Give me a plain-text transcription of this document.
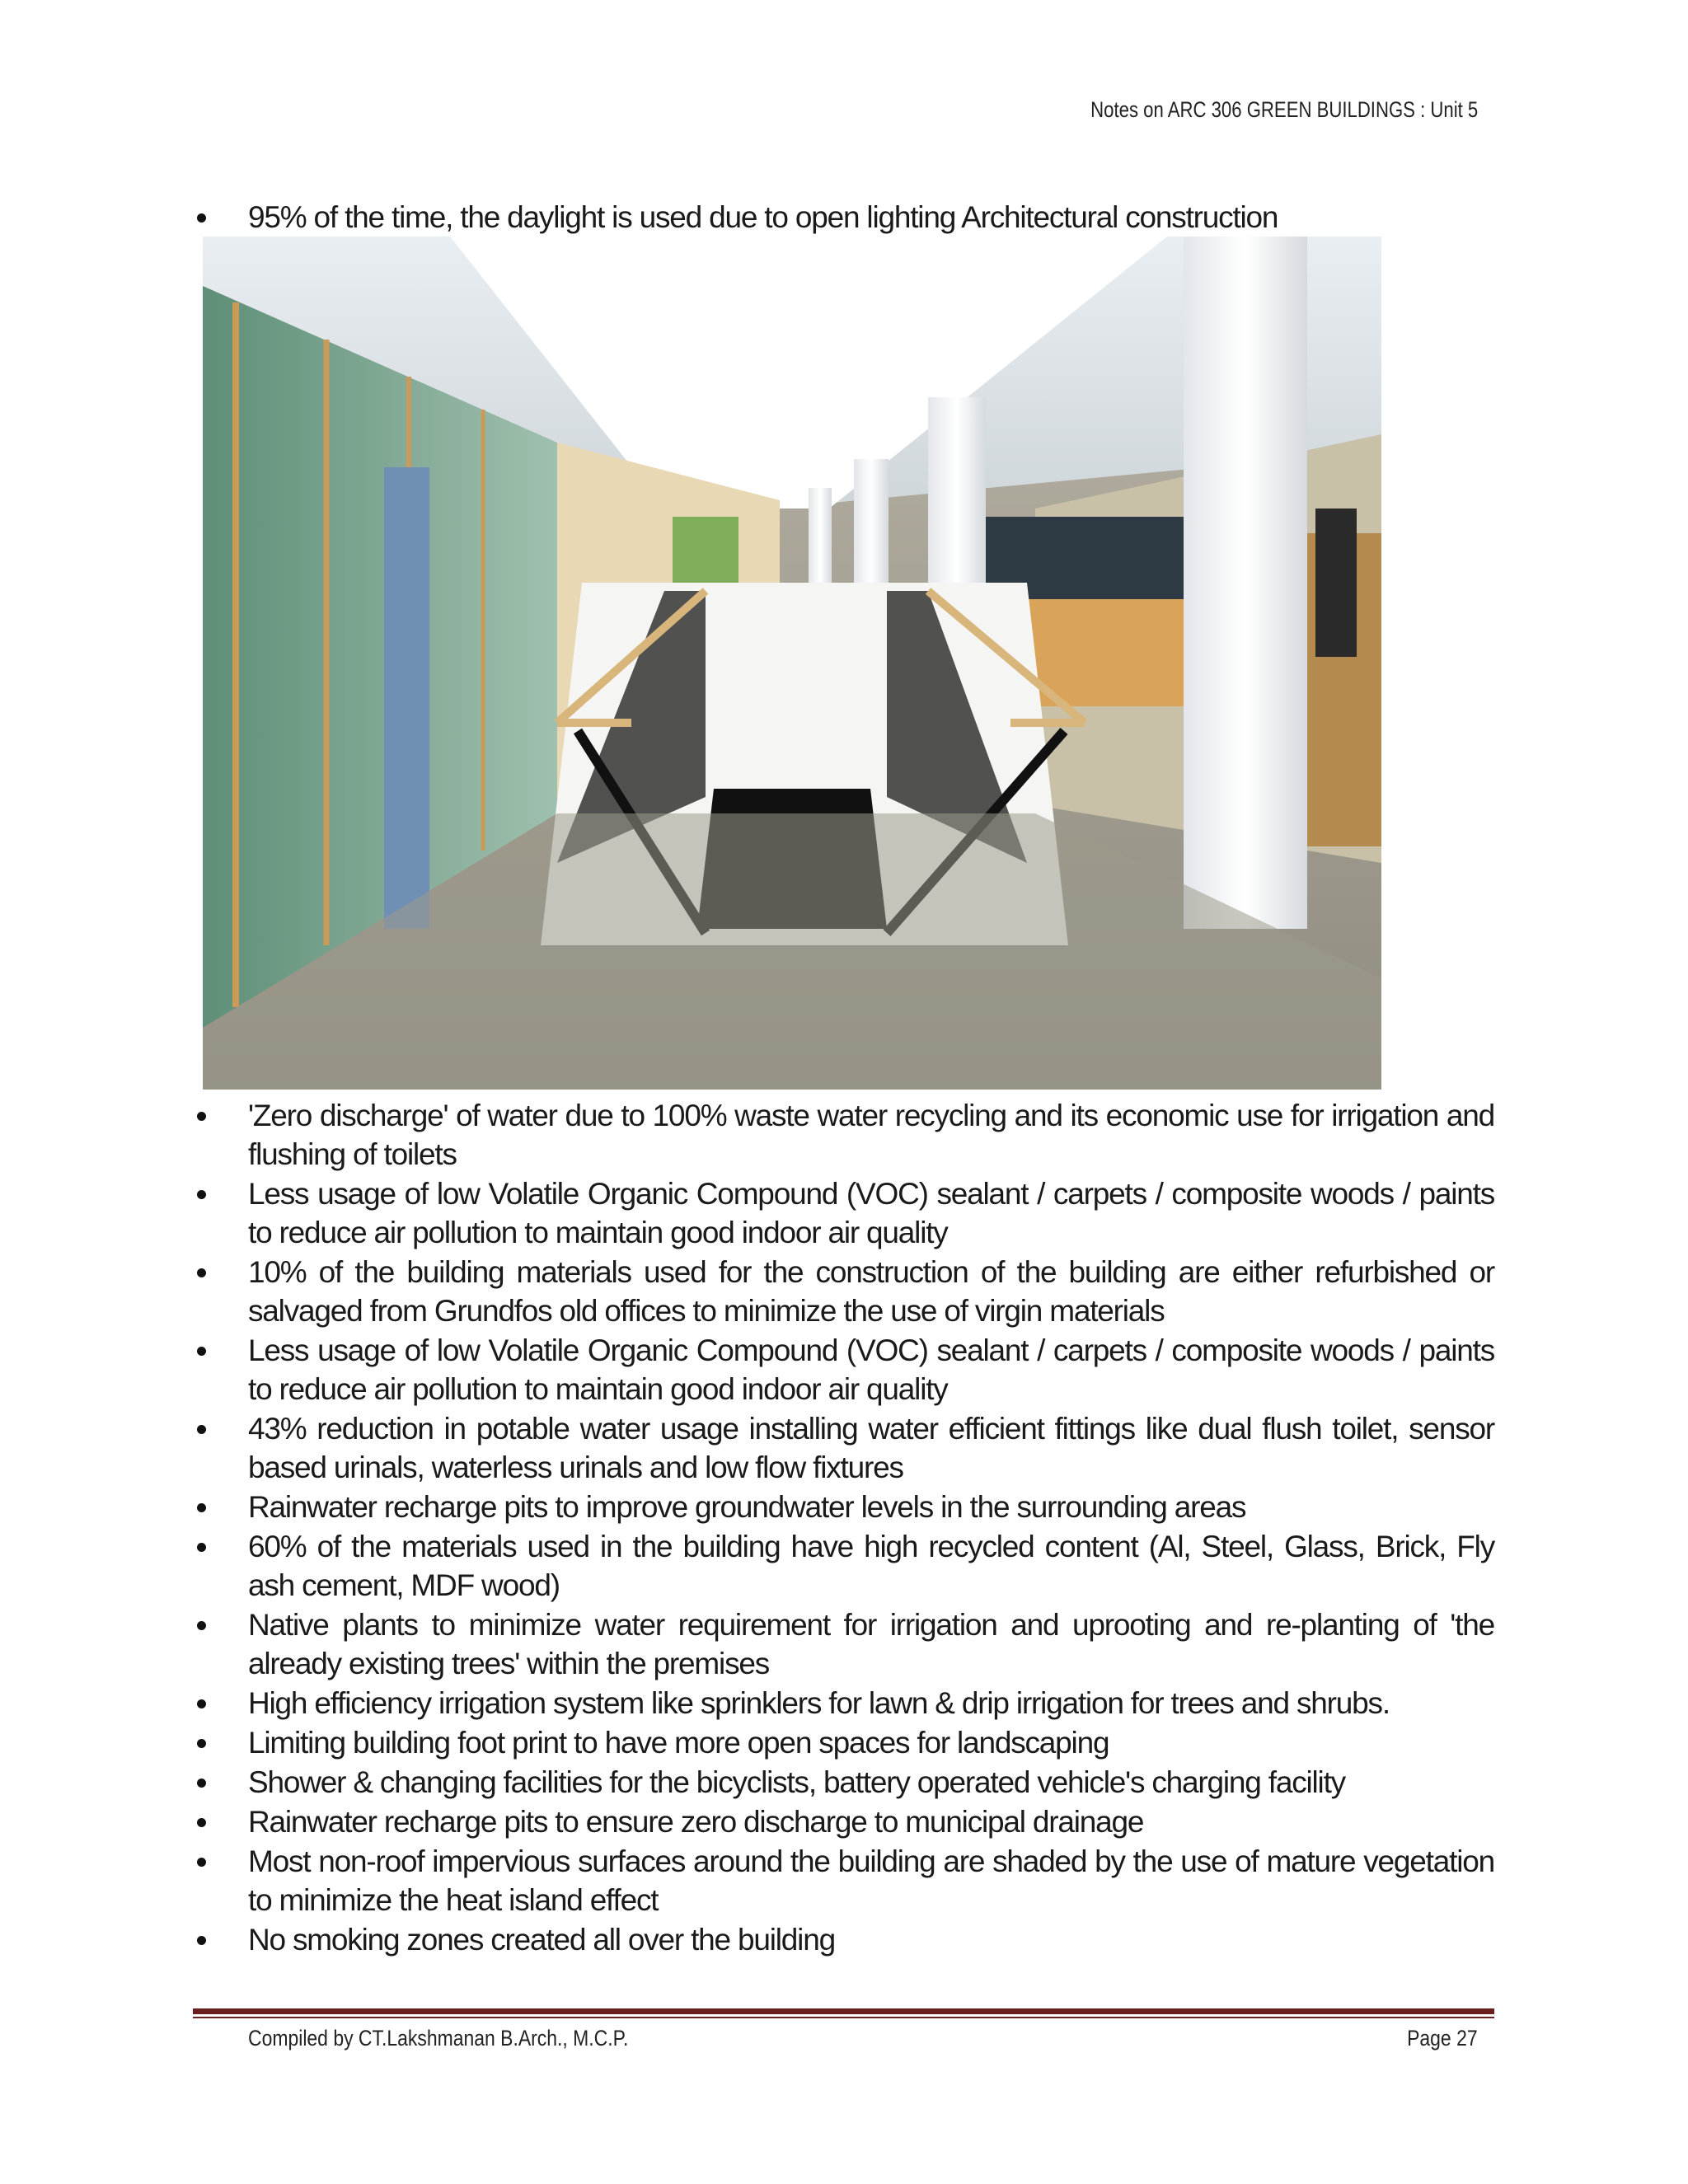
Notes on ARC 306 GREEN BUILDINGS : Unit 5
95% of the time, the daylight is used due to open lighting Architectural construction
'Zero discharge' of water due to 100% waste water recycling and its economic use for irrigation and flushing of toilets
Less usage of low Volatile Organic Compound (VOC) sealant / carpets / composite woods / paints to reduce air pollution to maintain good indoor air quality
10% of the building materials used for the construction of the building are either refurbished or salvaged from Grundfos old offices to minimize the use of virgin materials
Less usage of low Volatile Organic Compound (VOC) sealant / carpets / composite woods / paints to reduce air pollution to maintain good indoor air quality
43% reduction in potable water usage installing water efficient fittings like dual flush toilet, sensor based urinals, waterless urinals and low flow fixtures
Rainwater recharge pits to improve groundwater levels in the surrounding areas
60% of the materials used in the building have high recycled content (Al, Steel, Glass, Brick, Fly ash cement, MDF wood)
Native plants to minimize water requirement for irrigation and uprooting and re-planting of 'the already existing trees' within the premises
High efficiency irrigation system like sprinklers for lawn & drip irrigation for trees and shrubs.
Limiting building foot print to have more open spaces for landscaping
Shower & changing facilities for the bicyclists, battery operated vehicle's charging facility
Rainwater recharge pits to ensure zero discharge to municipal drainage
Most non-roof impervious surfaces around the building are shaded by the use of mature vegetation to minimize the heat island effect
No smoking zones created all over the building
Compiled by CT.Lakshmanan B.Arch., M.C.P.	Page 27
